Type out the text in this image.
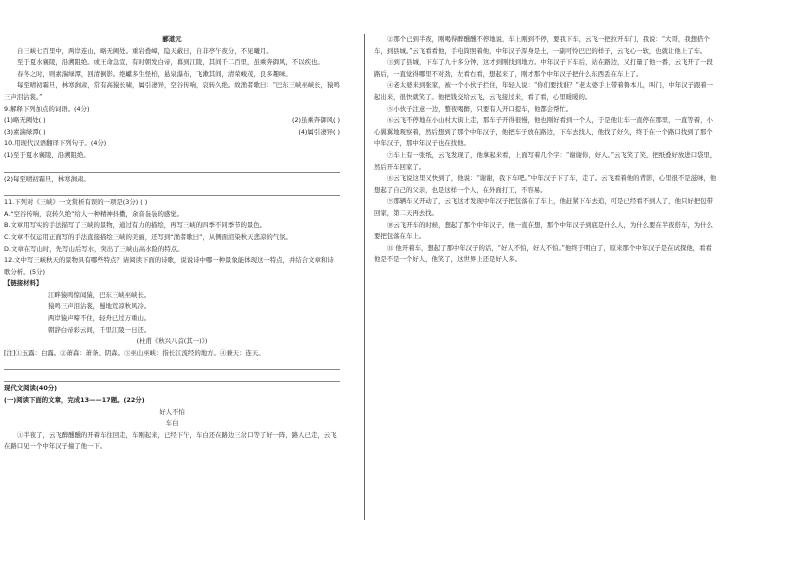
郦道元

自三峡七百里中，两岸连山，略无阙处。重岩叠嶂，隐天蔽日，自非亭午夜分，不见曦月。

至于夏水襄陵，沿溯阻绝。或王命急宣，有时朝发白帝，暮到江陵，其间千二百里，虽乘奔御风，不以疾也。

春冬之时，则素湍绿潭，回清倒影。绝巘多生怪柏，悬泉瀑布，飞漱其间，清荣峻茂，良多趣味。

每至晴初霜旦，林寒涧肃，常有高猿长啸，属引凄异，空谷传响，哀转久绝。故渔者歌曰：“巴东三峡巫峡长，猿鸣三声泪沾裳。”

9.解释下列加点的词语。(4分)

(1)略无阙处( )	(2)虽乘奔御风( )
(3)素湍绿潭( )	(4)属引凄异( )

10.用现代汉语翻译下列句子。(4分)

(1)至于夏水襄陵，沿溯阻绝。

(2)每至晴初霜旦，林寒涧肃。

11.下列对《三峡》一文赏析有误的一项是(3分) ( )

A.“空谷传响，哀转久绝”给人一种精神抖擞，余音袅袅的感觉。

B.文章用写实的手法描写了三峡的景物，通过有力的描绘，再写三峡的四季不同季节的景色。

C.文章不仅运用正面写的手法直接描绘三峡的美丽，还写到“渔者歌曰”，从侧面渲染秋天悲凉的气氛。

D.文章在写山时，先写山后写水，突出了三峡山高水险的特点。

12.文中写三峡秋天的景物具有哪些特点？请阅读下面的诗歌，说说诗中哪一种景象能体现这一特点，并结合文章和诗歌分析。(5分)

【链接材料】

江畔猿鸣惊闻猿，巴东三峡巫峡长。

猿鸣三声泪沾裳，蜀地荒凉秋风冷。

两岸猿声啼不住，轻舟已过万重山。

朝辞白帝彩云间，千里江陵一日还。

(杜甫《秋兴八首(其一)》)

[注]①玉露：白露。②萧森：萧条、阴森。③巫山巫峡：指长江流经的地方。④兼天：连天。

现代文阅读(40分)

(一)阅读下面的文章，完成13——17题。(22分)

好人不怕

车白

①半夜了，云飞醉醺醺的开着车往回走，车刚起来，已经下午，车白还在路边三岔口等了好一阵，路人已走，云飞在路口见一个中年汉子撞了他一下。

②那个已到半夜，刚喝得醉醺醺不停地说，车上刚到不停，要我下车，云飞一把拉开车门，我说：“大哥，我想搭个车，到县城。”云飞看看他，手电筒照着他，中年汉子浑身是土，一副可怜巴巴的样子，云飞心一软，也就让他上了车。

③到了县城，下车了九十多分钟，这才到刚找到地方。中年汉子下车后，站在路边，又打量了他一番，云飞开了一段路后，一直觉得哪里不对劲，左看右看，想起来了，刚才那个中年汉子把什么东西丢在车上了。

④老太婆来到张家，被一个小伙子拦住，年轻人说：“你们要找谁？”老太婆手上带着鲁本儿，叫门，中年汉子跟着一起出来，很快就笑了。他把钱交给云飞，云飞接过来，看了看，心里暖暖的。

⑤小伙子注意一边，整夜喝醉，只要有人开口提车，他都会帮忙。

⑥云飞不停地在小山村大街上走，那车子开得很慢，他也刚好看到一个人，于是他让车一直停在那里，一直等着，小心翼翼地观察着，然后想到了那个中年汉子，他把车子放在路边，下车去找人，他找了好久，终于在一个路口找到了那个中年汉子，那中年汉子也在找他。

⑦车上有一张纸，云飞发现了，他拿起来看，上面写着几个字：“谢谢你，好人。”云飞笑了笑，把纸叠好放进口袋里，然后开车回家了。

⑧云飞说这里又快到了，他说：“谢谢，我下车吧。”中年汉子下了车，走了。云飞看着他的背影，心里很不是滋味，他想起了自己的父亲，也是这样一个人，在外面打工，不容易。

⑨那辆车又开动了，云飞这才发现中年汉子把包落在了车上，他赶紧下车去追，可是已经看不到人了，他只好把包带回家，第二天再去找。

⑩云飞开车的时候，想起了那个中年汉子，他一直在想，那个中年汉子到底是什么人，为什么要在半夜搭车，为什么要把包落在车上。

⑪ 他开着车，想起了那中年汉子的话，“好人不怕，好人不怕。”他终于明白了，原来那个中年汉子是在试探他，看看他是不是一个好人，他笑了，这世界上还是好人多。
